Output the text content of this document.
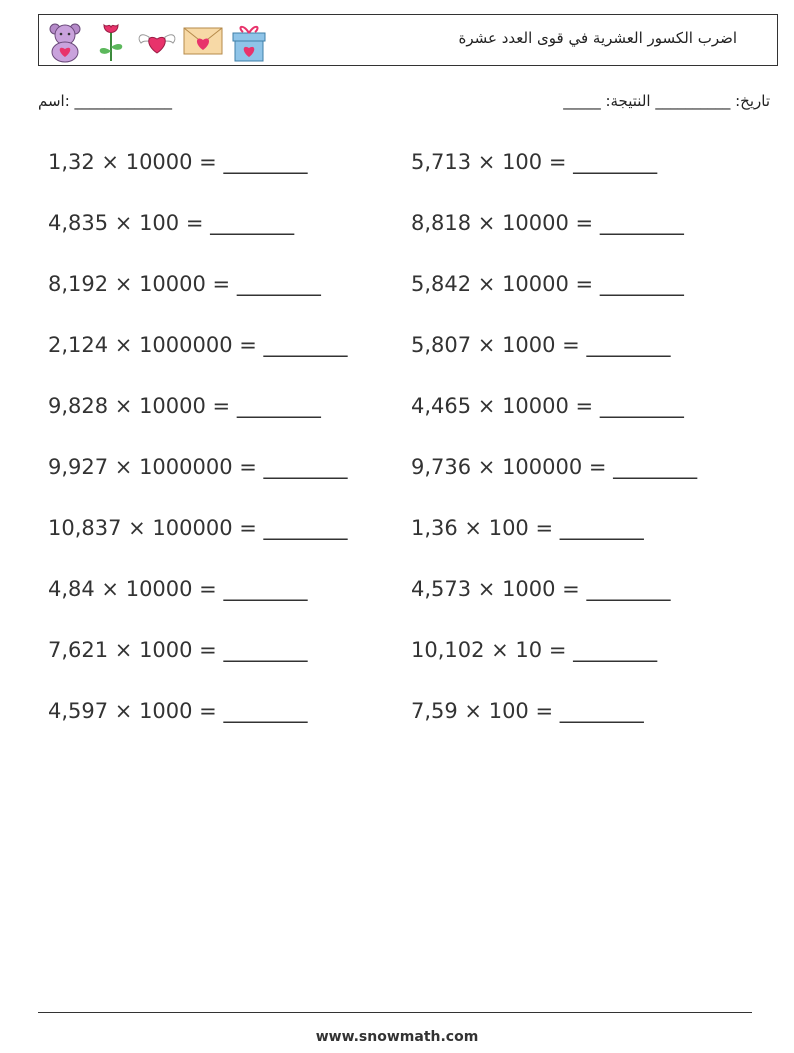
اضرب الكسور العشرية في قوى العدد عشرة
اسم: _____________	_____ :تاريخ: __________ النتيجة
1,32 × 10000 = ________
4,835 × 100 = ________
8,192 × 10000 = ________
2,124 × 1000000 = ________
9,828 × 10000 = ________
9,927 × 1000000 = ________
10,837 × 100000 = ________
4,84 × 10000 = ________
7,621 × 1000 = ________
4,597 × 1000 = ________
5,713 × 100 = ________
8,818 × 10000 = ________
5,842 × 10000 = ________
5,807 × 1000 = ________
4,465 × 10000 = ________
9,736 × 100000 = ________
1,36 × 100 = ________
4,573 × 1000 = ________
10,102 × 10 = ________
7,59 × 100 = ________
www.snowmath.com
